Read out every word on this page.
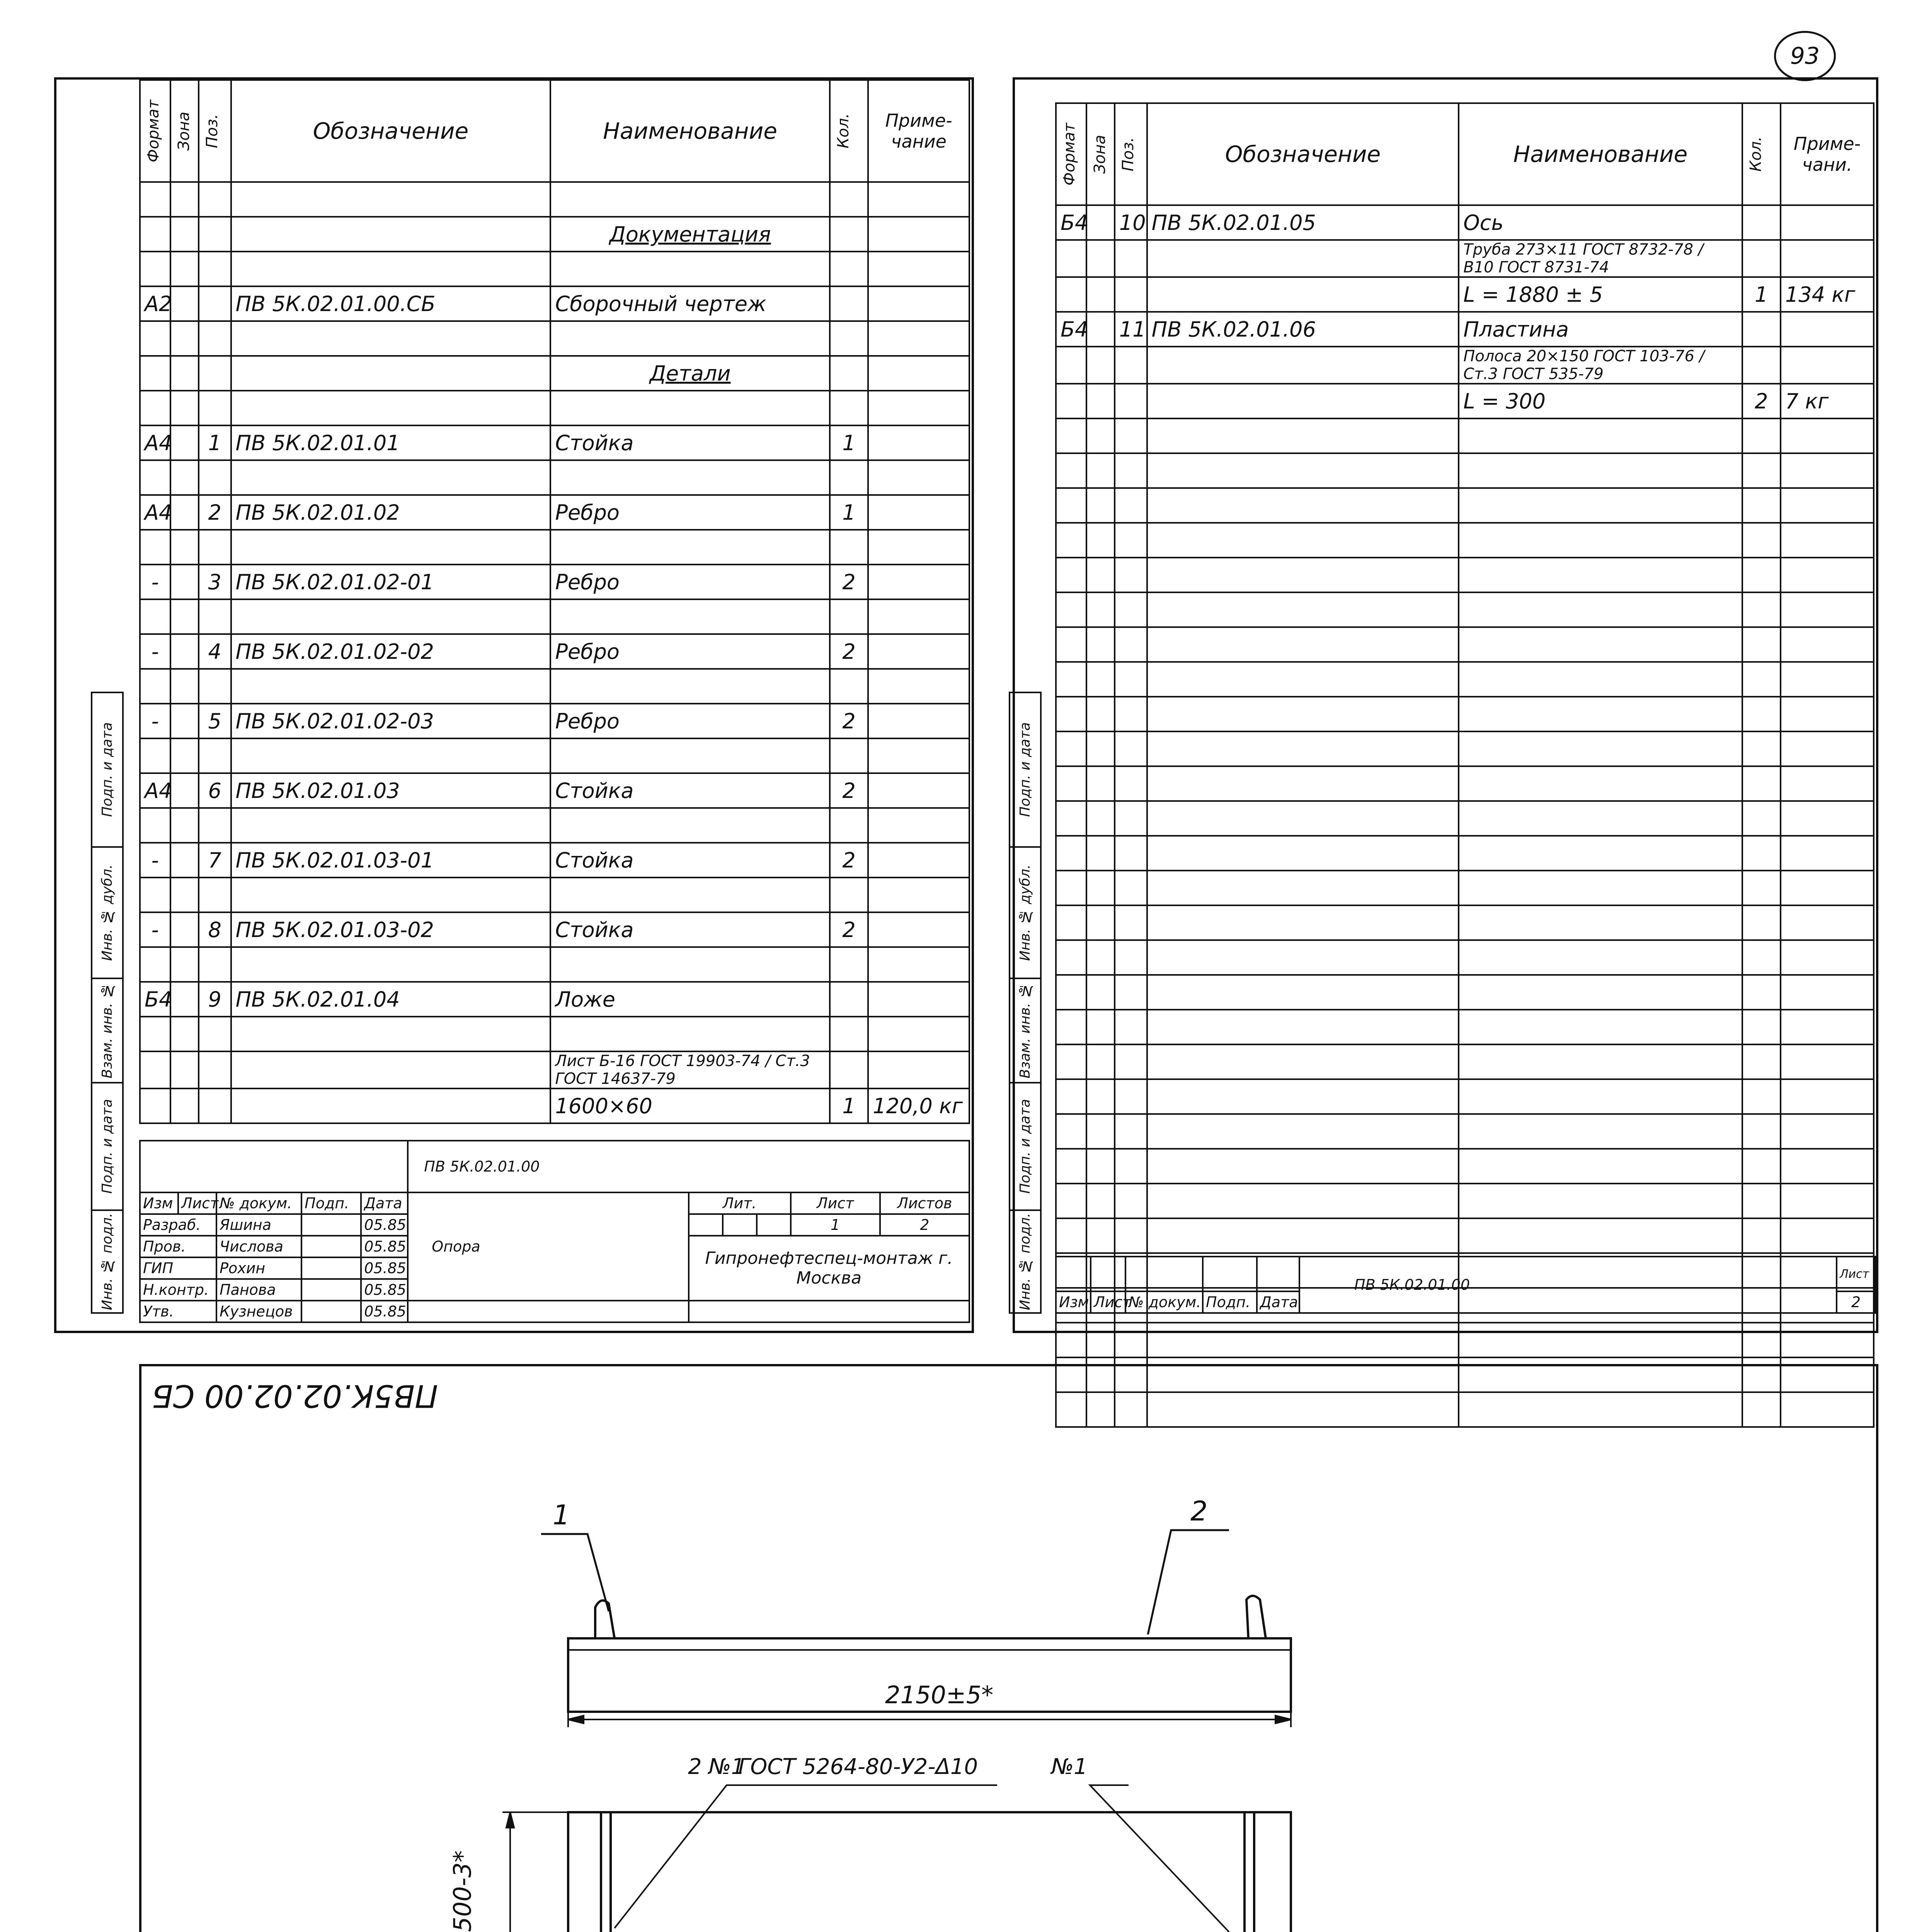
93
Подп. и дата
Инв. № дубл.
Взам. инв. №
Подп. и дата
Инв. № подл.
Формат	Зона	Поз.	Обозначение	Наименование	Кол.	Приме-чание

				Документация		

А2			ПВ 5К.02.01.00.СБ	Сборочный чертеж		

				Детали		

А4		1	ПВ 5К.02.01.01	Стойка	1	

А4		2	ПВ 5К.02.01.02	Ребро	1	

-		3	ПВ 5К.02.01.02-01	Ребро	2	

-		4	ПВ 5К.02.01.02-02	Ребро	2	

-		5	ПВ 5К.02.01.02-03	Ребро	2	

А4		6	ПВ 5К.02.01.03	Стойка	2	

-		7	ПВ 5К.02.01.03-01	Стойка	2	

-		8	ПВ 5К.02.01.03-02	Стойка	2	

Б4		9	ПВ 5К.02.01.04	Ложе		

				Лист Б-16 ГОСТ 19903-74 / Ст.3 ГОСТ 14637-79		
				1600×60	1	120,0 кг
					ПВ 5К.02.01.00					
Изм	Лист	№ докум.	Подп.	Дата	Опора	Лит.			Лист	Листов
Разраб.		Яшина		05.85					1	2
Пров.		Числова		05.85		Гипронефтеспец-монтаж г. Москва				
ГИП		Рохин		05.85						
Н.контр.		Панова		05.85						
Утв.		Кузнецов		05.85						
Подп. и дата
Инв. № дубл.
Взам. инв. №
Подп. и дата
Инв. № подл.
Формат	Зона	Поз.	Обозначение	Наименование	Кол.	Приме-чани.
Б4		10	ПВ 5К.02.01.05	Ось		
				Труба 273×11 ГОСТ 8732-78 / В10 ГОСТ 8731-74		
				L = 1880 ± 5	1	134 кг
Б4		11	ПВ 5К.02.01.06	Пластина		
				Полоса 20×150 ГОСТ 103-76 / Ст.3 ГОСТ 535-79		
				L = 300	2	7 кг

					ПВ 5К.02.01.00	Лист
Изм	Лист	№ докум.	Подп.	Дата		2
ПВ5К.02.02.00 СБ
1	2
2150±5*
500-3*
2 №1
ГОСТ 5264-80-У2-Δ10	№1
